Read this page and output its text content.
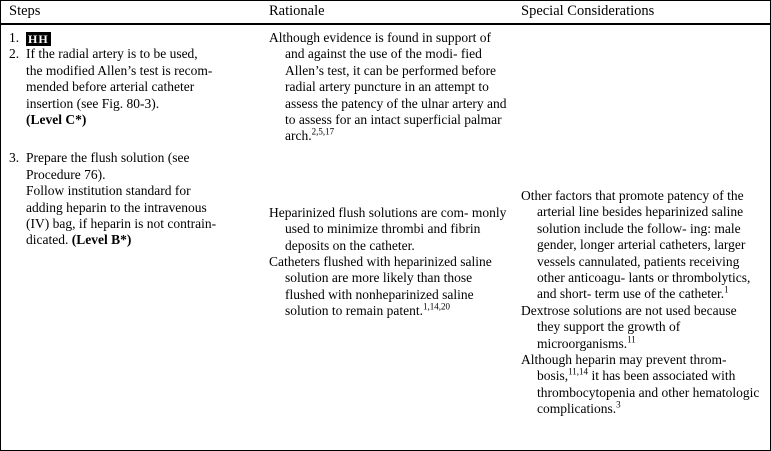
Steps	Rationale	Special Considerations
1. HH
2. If the radial artery is to be used,
the modified Allen’s test is recom-
mended before arterial catheter
insertion (see Fig. 80-3).
(Level C*)
3. Prepare the flush solution (see
Procedure 76).
Follow institution standard for
adding heparin to the intravenous
(IV) bag, if heparin is not contrain-
dicated. (Level B*)
Although evidence is found in support of and against the use of the modi- fied Allen’s test, it can be performed before radial artery puncture in an attempt to assess the patency of the ulnar artery and to assess for an intact superficial palmar arch.$^{2,5,17}$
Heparinized flush solutions are com- monly used to minimize thrombi and fibrin deposits on the catheter.
Catheters flushed with heparinized saline solution are more likely than those flushed with nonheparinized saline solution to remain patent.$^{1,14,20}$
Other factors that promote patency of the arterial line besides heparinized saline solution include the follow- ing: male gender, longer arterial catheters, larger vessels cannulated, patients receiving other anticoagu- lants or thrombolytics, and short- term use of the catheter.$^1$
Dextrose solutions are not used because they support the growth of microorganisms.$^{11}$
Although heparin may prevent throm- bosis,$^{11,14}$ it has been associated with thrombocytopenia and other hematologic complications.$^3$
